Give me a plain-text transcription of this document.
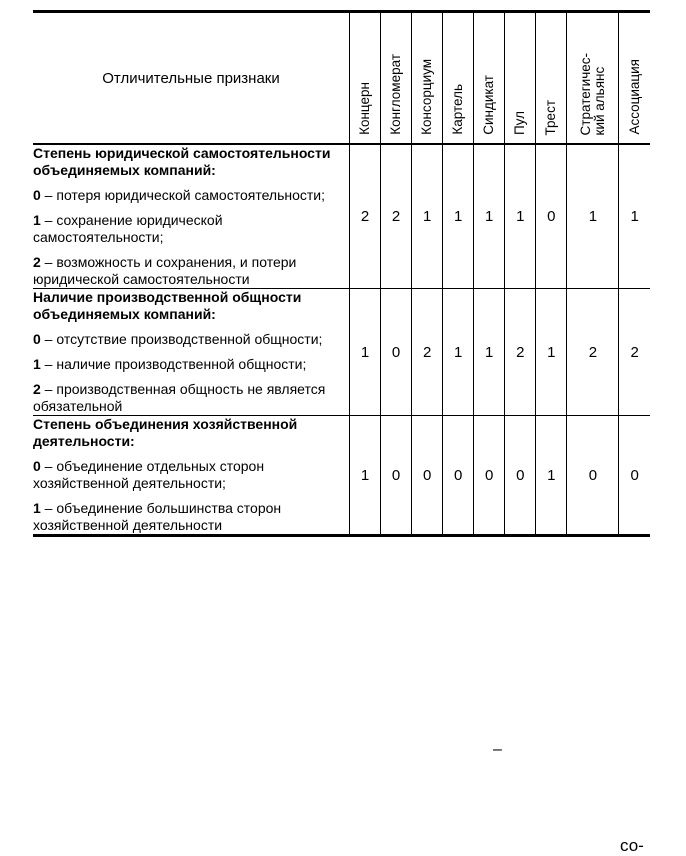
Отличительные признаки	Концерн	Конгломерат	Консорциум	Картель	Синдикат	Пул	Трест	Стратегичес-
кий альянс	Ассоциация

Степень юридической самостоятельности объединяемых компаний:
0 – потеря юридической самостоятельности;
1 – сохранение юридической самостоятельности;
2 – возможность и сохранения, и потери юридической самостоятельности	2	2	1	1	1	1	0	1	1

Наличие производственной общности объединяемых компаний:
0 – отсутствие производственной общности;
1 – наличие производственной общности;
2 – производственная общность не является обязательной	1	0	2	1	1	2	1	2	2

Степень объединения хозяйственной деятельности:
0 – объединение отдельных сторон хозяйственной деятельности;
1 – объединение большинства сторон хозяйственной деятельности	1	0	0	0	0	0	1	0	0
–
со-
